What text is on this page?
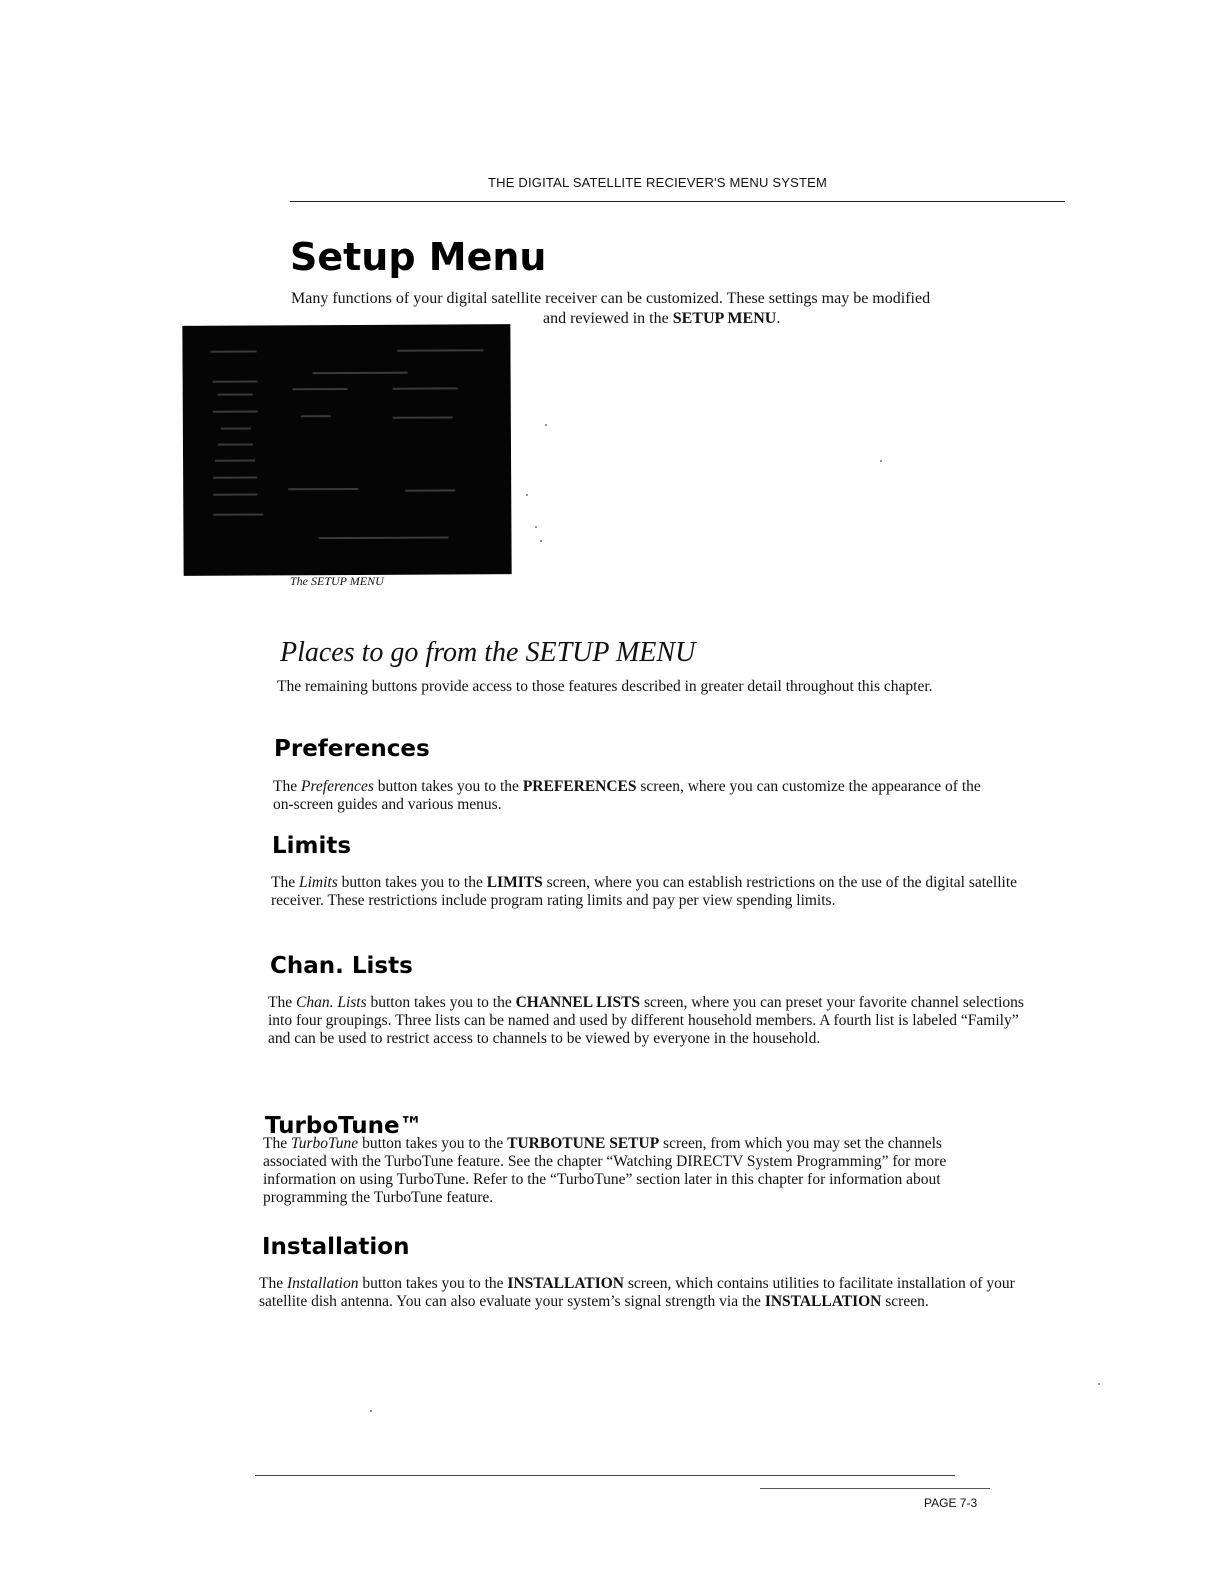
THE DIGITAL SATELLITE RECIEVER'S MENU SYSTEM
Setup Menu
Many functions of your digital satellite receiver can be customized. These settings may be modified
and reviewed in the SETUP MENU.
The SETUP MENU
Places to go from the SETUP MENU
The remaining buttons provide access to those features described in greater detail throughout this chapter.
Preferences
The Preferences button takes you to the PREFERENCES screen, where you can customize the appearance of the on-screen guides and various menus.
Limits
The Limits button takes you to the LIMITS screen, where you can establish restrictions on the use of the digital satellite receiver. These restrictions include program rating limits and pay per view spending limits.
Chan. Lists
The Chan. Lists button takes you to the CHANNEL LISTS screen, where you can preset your favorite channel selections into four groupings. Three lists can be named and used by different household members. A fourth list is labeled “Family” and can be used to restrict access to channels to be viewed by everyone in the household.
TurboTune™
The TurboTune button takes you to the TURBOTUNE SETUP screen, from which you may set the channels associated with the TurboTune feature. See the chapter “Watching DIRECTV System Programming” for more information on using TurboTune. Refer to the “TurboTune” section later in this chapter for information about programming the TurboTune feature.
Installation
The Installation button takes you to the INSTALLATION screen, which contains utilities to facilitate installation of your satellite dish antenna. You can also evaluate your system’s signal strength via the INSTALLATION screen.
PAGE 7-3
